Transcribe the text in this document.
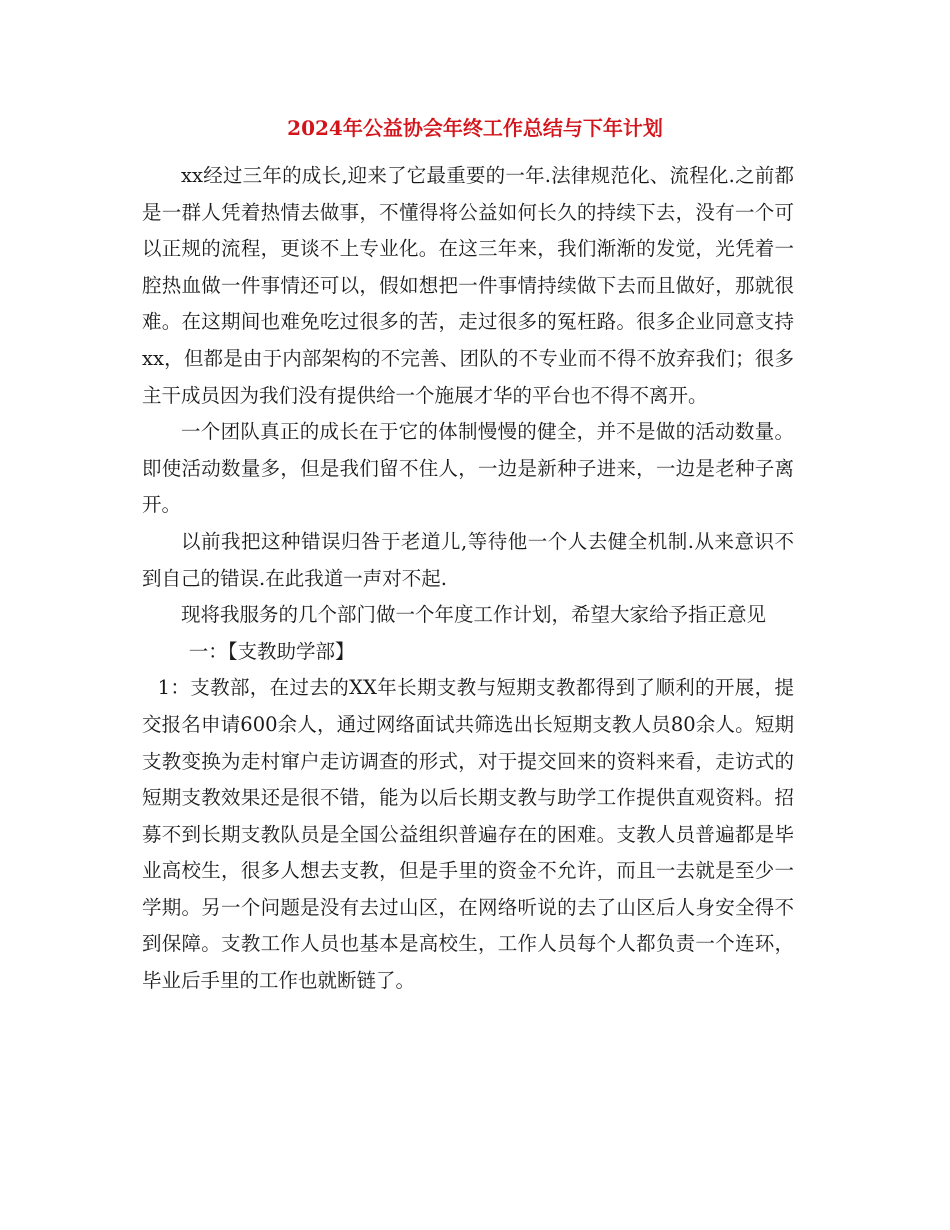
2024年公益协会年终工作总结与下年计划

xx经过三年的成长,迎来了它最重要的一年.法律规范化、流程化.之前都是一群人凭着热情去做事，不懂得将公益如何长久的持续下去，没有一个可以正规的流程，更谈不上专业化。在这三年来，我们渐渐的发觉，光凭着一腔热血做一件事情还可以，假如想把一件事情持续做下去而且做好，那就很难。在这期间也难免吃过很多的苦，走过很多的冤枉路。很多企业同意支持xx，但都是由于内部架构的不完善、团队的不专业而不得不放弃我们；很多主干成员因为我们没有提供给一个施展才华的平台也不得不离开。

一个团队真正的成长在于它的体制慢慢的健全，并不是做的活动数量。即使活动数量多，但是我们留不住人，一边是新种子进来，一边是老种子离开。

以前我把这种错误归咎于老道儿,等待他一个人去健全机制.从来意识不到自己的错误.在此我道一声对不起.

现将我服务的几个部门做一个年度工作计划，希望大家给予指正意见

一：【支教助学部】

1：支教部，在过去的XX年长期支教与短期支教都得到了顺利的开展，提交报名申请600余人，通过网络面试共筛选出长短期支教人员80余人。短期支教变换为走村窜户走访调查的形式，对于提交回来的资料来看，走访式的短期支教效果还是很不错，能为以后长期支教与助学工作提供直观资料。招募不到长期支教队员是全国公益组织普遍存在的困难。支教人员普遍都是毕业高校生，很多人想去支教，但是手里的资金不允许，而且一去就是至少一学期。另一个问题是没有去过山区，在网络听说的去了山区后人身安全得不到保障。支教工作人员也基本是高校生，工作人员每个人都负责一个连环，毕业后手里的工作也就断链了。
